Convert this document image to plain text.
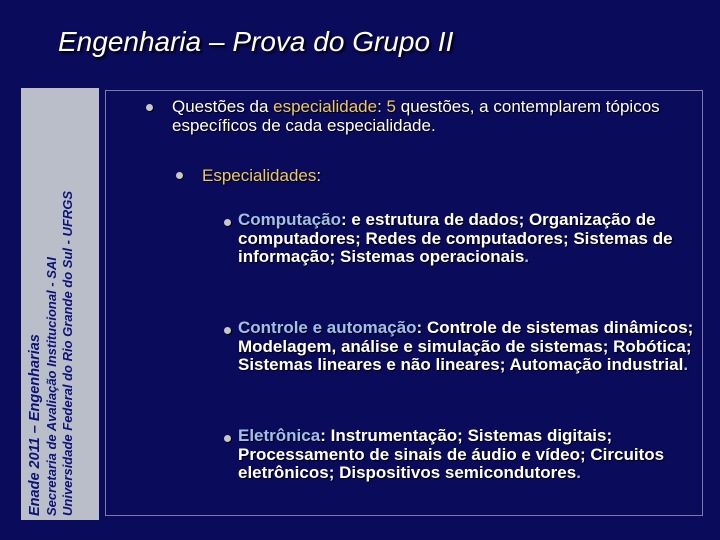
Engenharia – Prova do Grupo II
Enade 2011 – Engenharias Secretaria de Avaliação Institucional - SAI Universidade Federal do Rio Grande do Sul - UFRGS
Questões da especialidade: 5 questões, a contemplarem tópicos específicos de cada especialidade.
Especialidades:
Computação: e estrutura de dados; Organização de computadores; Redes de computadores; Sistemas de informação; Sistemas operacionais.
Controle e automação: Controle de sistemas dinâmicos; Modelagem, análise e simulação de sistemas; Robótica; Sistemas lineares e não lineares; Automação industrial.
Eletrônica: Instrumentação; Sistemas digitais; Processamento de sinais de áudio e vídeo; Circuitos eletrônicos; Dispositivos semicondutores.
